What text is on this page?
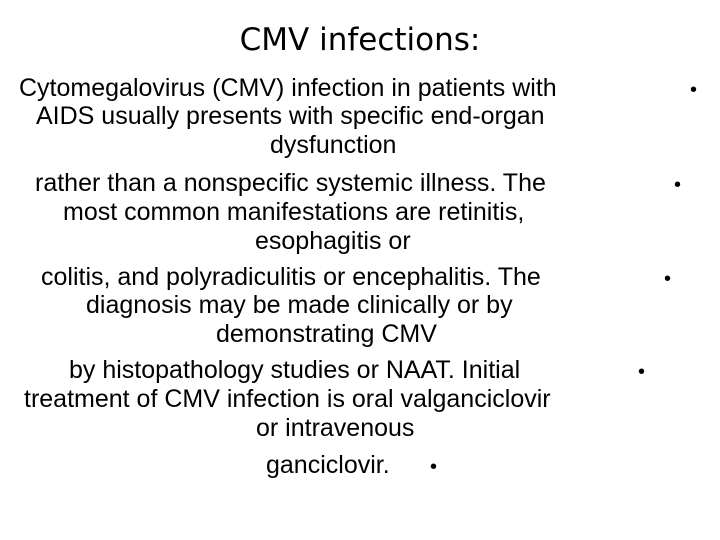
CMV infections:
Cytomegalovirus (CMV) infection in patients with	•
AIDS usually presents with specific end-organ
dysfunction
rather than a nonspecific systemic illness. The	•
most common manifestations are retinitis,
esophagitis or
colitis, and polyradiculitis or encephalitis. The	•
diagnosis may be made clinically or by
demonstrating CMV
by histopathology studies or NAAT. Initial	•
treatment of CMV infection is oral valganciclovir
or intravenous
ganciclovir. •
